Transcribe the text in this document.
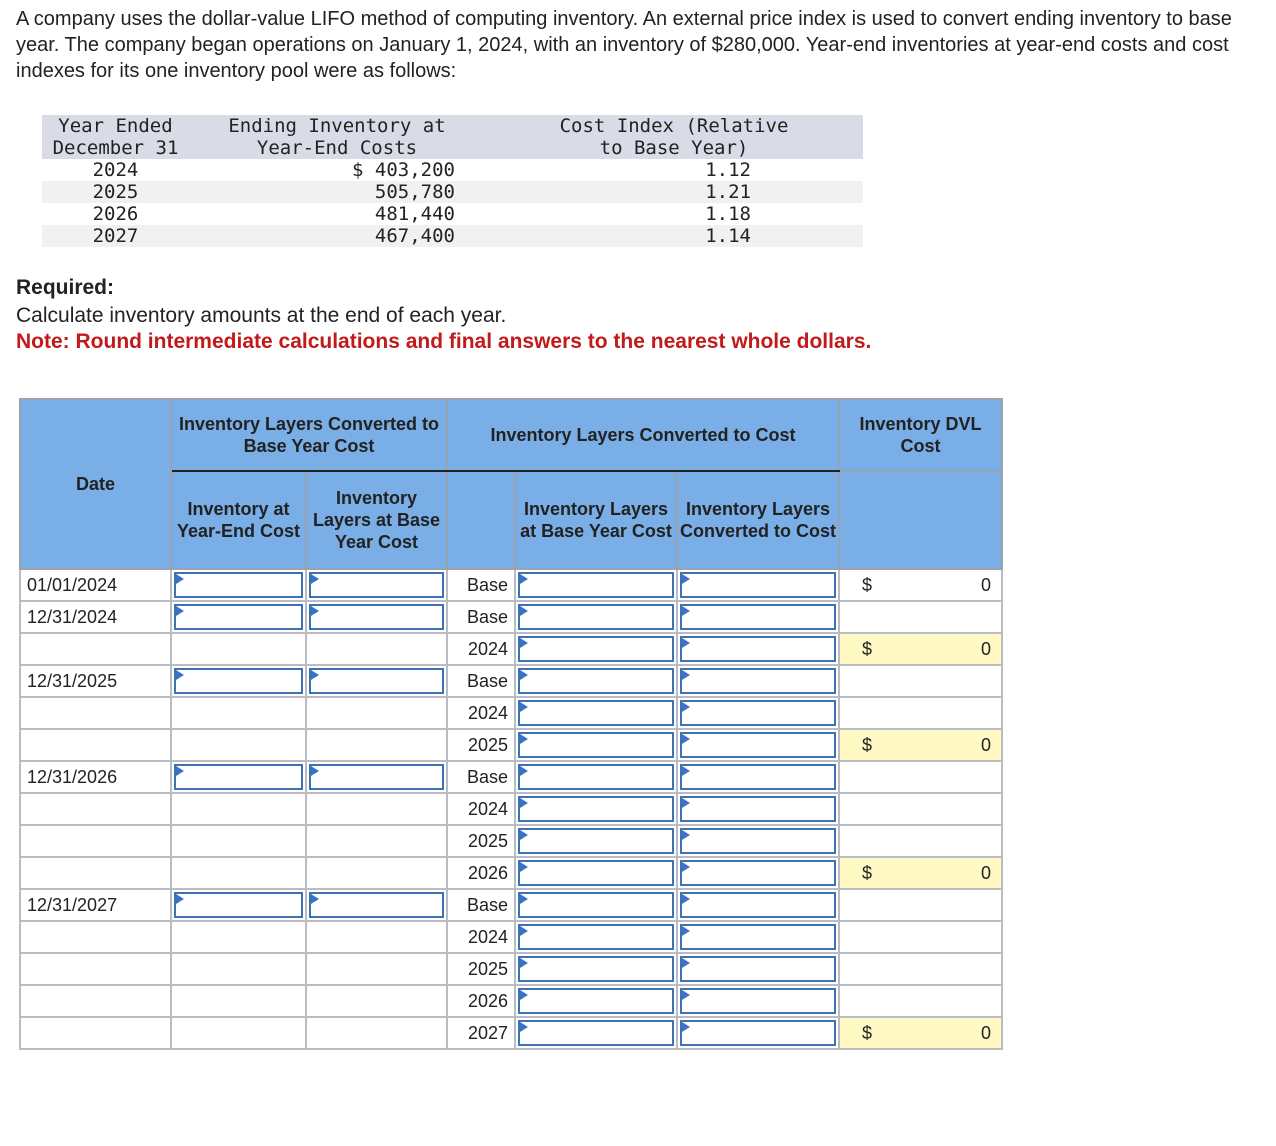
A company uses the dollar-value LIFO method of computing inventory. An external price index is used to convert ending inventory to base year. The company began operations on January 1, 2024, with an inventory of $280,000. Year-end inventories at year-end costs and cost indexes for its one inventory pool were as follows:

Year Ended	Ending Inventory at	Cost Index (Relative
December 31	Year-End Costs	to Base Year)
2024	$ 403,200	1.12
2025	505,780	1.21
2026	481,440	1.18
2027	467,400	1.14

Required:

Calculate inventory amounts at the end of each year.

Note: Round intermediate calculations and final answers to the nearest whole dollars.

Date	Inventory Layers Converted to Base Year Cost		Inventory Layers Converted to Cost			Inventory DVL Cost
	Inventory at Year-End Cost	Inventory Layers at Base Year Cost		Inventory Layers at Base Year Cost	Inventory Layers Converted to Cost	
01/01/2024			Base			$ 0

12/31/2024			Base	

			2024			$ 0

12/31/2025			Base	

			2024	

			2025			$ 0

12/31/2026			Base	

			2024	

			2025	

			2026			$ 0

12/31/2027			Base	

			2024	

			2025	

			2026	

			2027			$ 0
